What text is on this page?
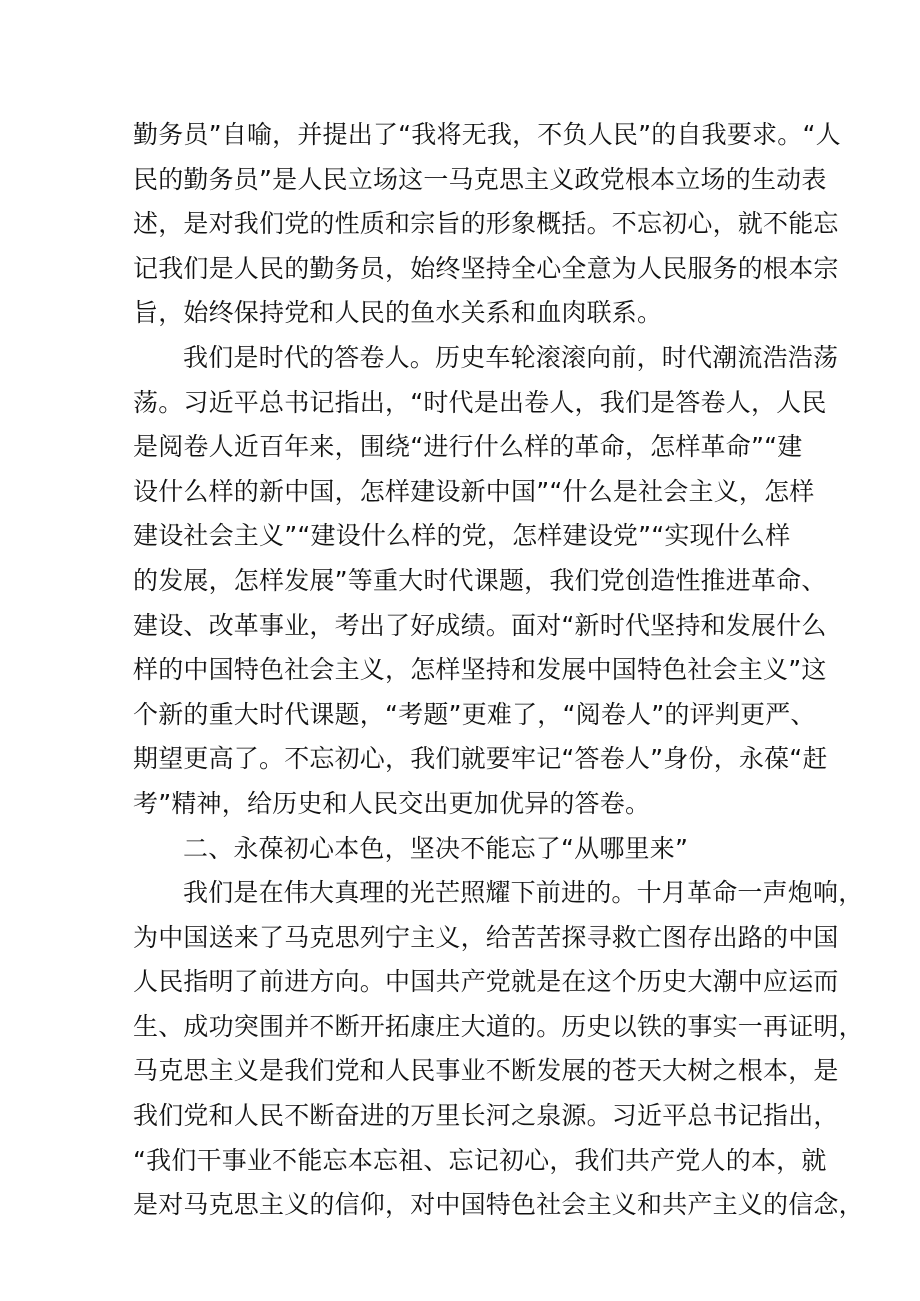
勤务员”自喻，并提出了“我将无我，不负人民”的自我要求。“人
民的勤务员”是人民立场这一马克思主义政党根本立场的生动表
述，是对我们党的性质和宗旨的形象概括。不忘初心，就不能忘
记我们是人民的勤务员，始终坚持全心全意为人民服务的根本宗
旨，始终保持党和人民的鱼水关系和血肉联系。
我们是时代的答卷人。历史车轮滚滚向前，时代潮流浩浩荡
荡。习近平总书记指出，“时代是出卷人，我们是答卷人，人民
是阅卷人近百年来，围绕“进行什么样的革命，怎样革命”“建
设什么样的新中国，怎样建设新中国”“什么是社会主义，怎样
建设社会主义”“建设什么样的党，怎样建设党”“实现什么样
的发展，怎样发展”等重大时代课题，我们党创造性推进革命、
建设、改革事业，考出了好成绩。面对“新时代坚持和发展什么
样的中国特色社会主义，怎样坚持和发展中国特色社会主义”这
个新的重大时代课题，“考题”更难了，“阅卷人”的评判更严、
期望更高了。不忘初心，我们就要牢记“答卷人”身份，永葆“赶
考”精神，给历史和人民交出更加优异的答卷。
二、永葆初心本色，坚决不能忘了“从哪里来”
我们是在伟大真理的光芒照耀下前进的。十月革命一声炮响，
为中国送来了马克思列宁主义，给苦苦探寻救亡图存出路的中国
人民指明了前进方向。中国共产党就是在这个历史大潮中应运而
生、成功突围并不断开拓康庄大道的。历史以铁的事实一再证明，
马克思主义是我们党和人民事业不断发展的苍天大树之根本，是
我们党和人民不断奋进的万里长河之泉源。习近平总书记指出，
“我们干事业不能忘本忘祖、忘记初心，我们共产党人的本，就
是对马克思主义的信仰，对中国特色社会主义和共产主义的信念，
